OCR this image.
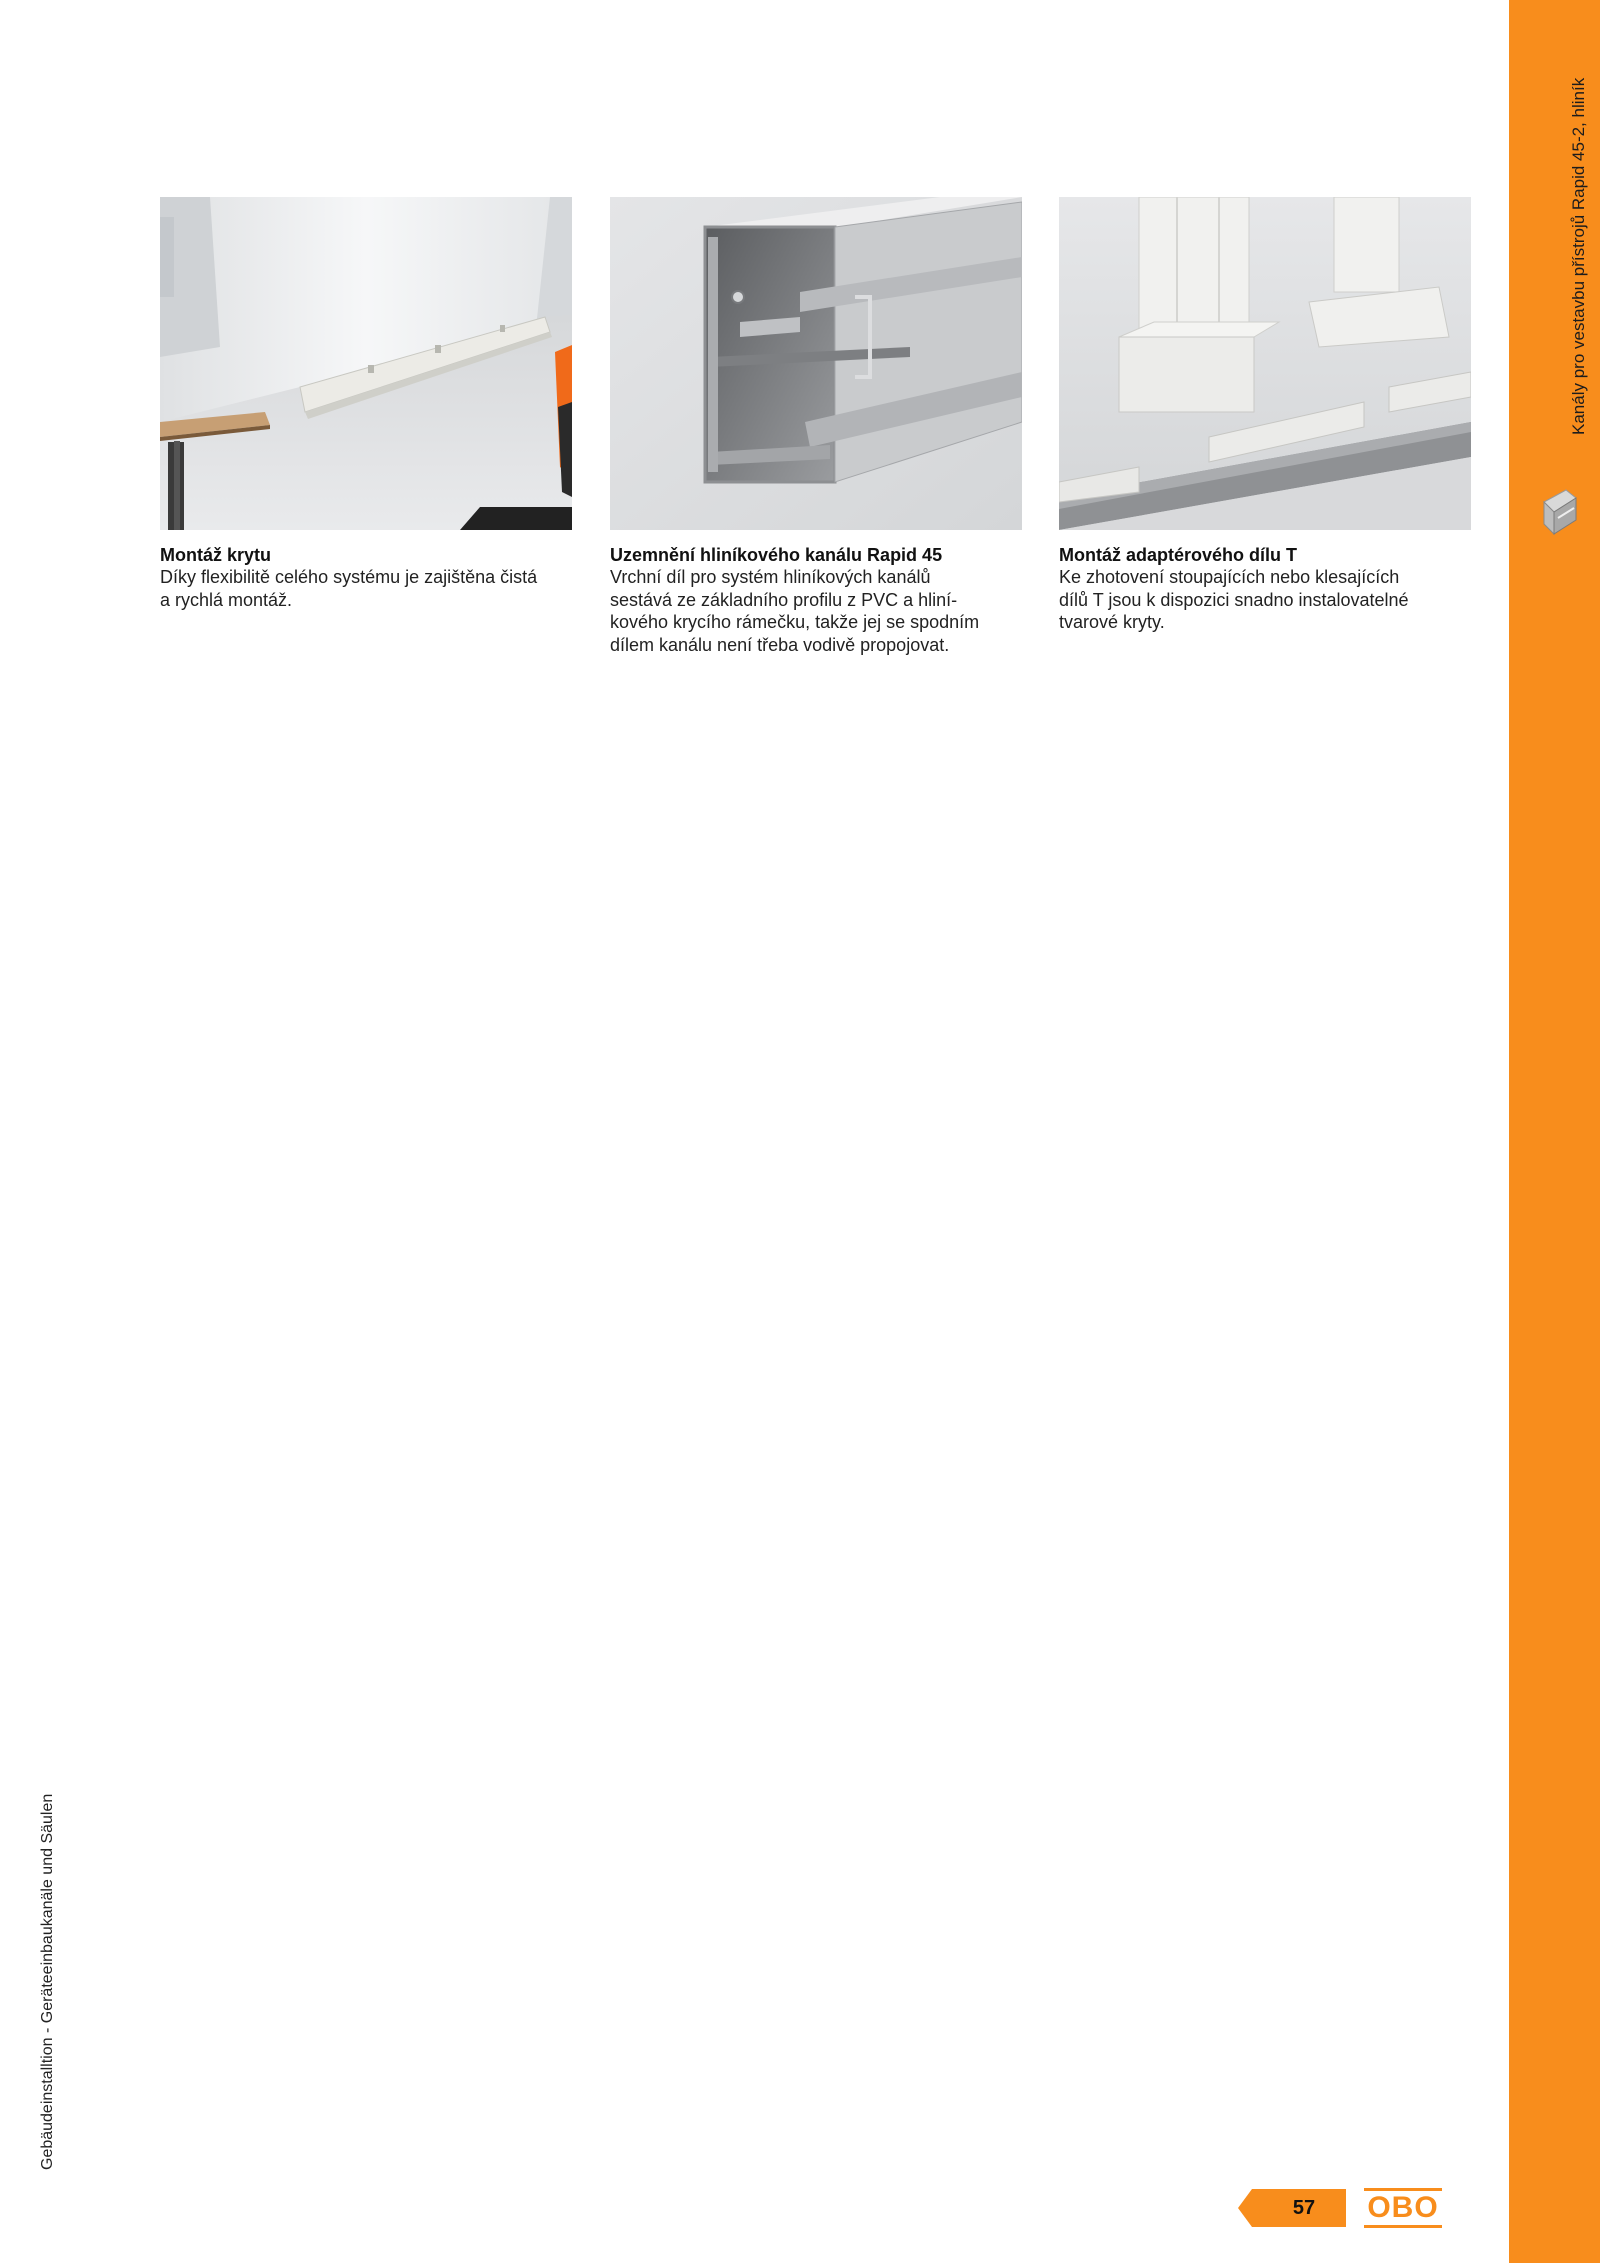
Kanály pro vestavbu přístrojů Rapid 45-2, hliník
Gebäudeinstalltion - Geräteeinbaukanäle und Säulen
Montáž krytu
Díky flexibilitě celého systému je zajištěna čistá
a rychlá montáž.
Uzemnění hliníkového kanálu Rapid 45
Vrchní díl pro systém hliníkových kanálů
sestává ze základního profilu z PVC a hliní-
kového krycího rámečku, takže jej se spodním
dílem kanálu není třeba vodivě propojovat.
Montáž adaptérového dílu T
Ke zhotovení stoupajících nebo klesajících
dílů T jsou k dispozici snadno instalovatelné
tvarové kryty.
57	OBO
